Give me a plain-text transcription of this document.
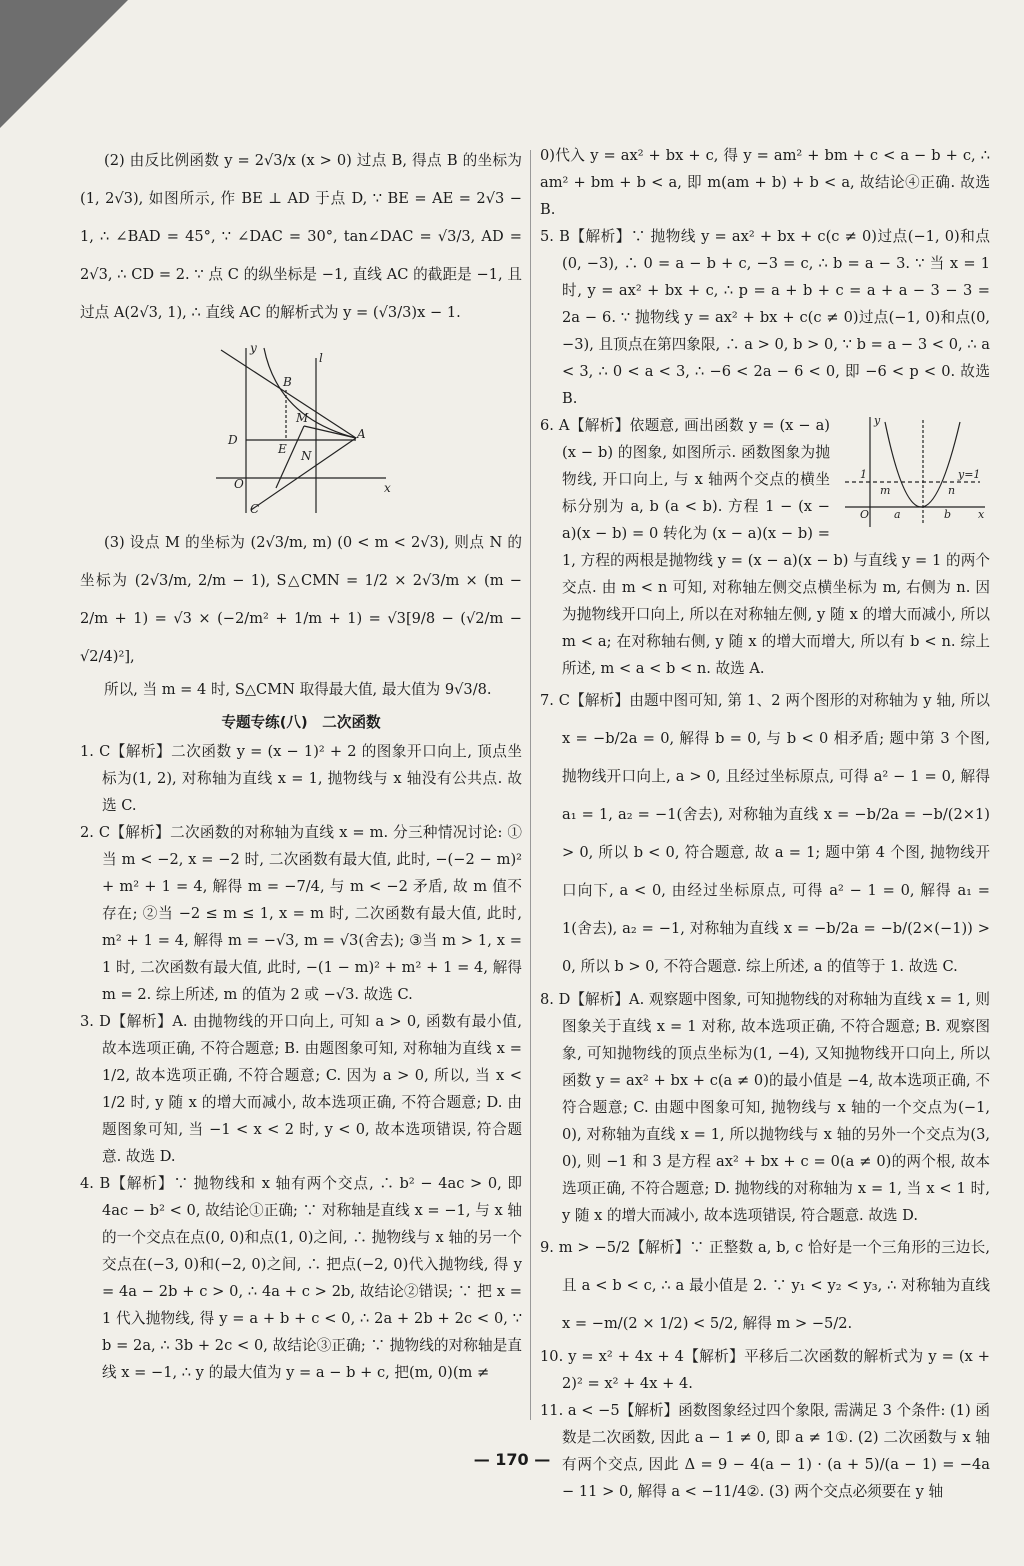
(2) 由反比例函数 y = 2√3/x (x > 0) 过点 B, 得点 B 的坐标为(1, 2√3), 如图所示, 作 BE ⊥ AD 于点 D, ∵ BE = AE = 2√3 − 1, ∴ ∠BAD = 45°, ∵ ∠DAC = 30°, tan∠DAC = √3/3, AD = 2√3, ∴ CD = 2. ∵ 点 C 的纵坐标是 −1, 直线 AC 的截距是 −1, 且过点 A(2√3, 1), ∴ 直线 AC 的解析式为 y = (√3/3)x − 1.

y
l
B
M
A
D
E N
O	x
C

(3) 设点 M 的坐标为 (2√3/m, m) (0 < m < 2√3), 则点 N 的坐标为 (2√3/m, 2/m − 1), S△CMN = 1/2 × 2√3/m × (m − 2/m + 1) = √3 × (−2/m² + 1/m + 1) = √3[9/8 − (√2/m − √2/4)²],

所以, 当 m = 4 时, S△CMN 取得最大值, 最大值为 9√3/8.

专题专练(八)　二次函数

1. C【解析】二次函数 y = (x − 1)² + 2 的图象开口向上, 顶点坐标为(1, 2), 对称轴为直线 x = 1, 抛物线与 x 轴没有公共点. 故选 C.

2. C【解析】二次函数的对称轴为直线 x = m. 分三种情况讨论: ①当 m < −2, x = −2 时, 二次函数有最大值, 此时, −(−2 − m)² + m² + 1 = 4, 解得 m = −7/4, 与 m < −2 矛盾, 故 m 值不存在; ②当 −2 ≤ m ≤ 1, x = m 时, 二次函数有最大值, 此时, m² + 1 = 4, 解得 m = −√3, m = √3(舍去); ③当 m > 1, x = 1 时, 二次函数有最大值, 此时, −(1 − m)² + m² + 1 = 4, 解得 m = 2. 综上所述, m 的值为 2 或 −√3. 故选 C.

3. D【解析】A. 由抛物线的开口向上, 可知 a > 0, 函数有最小值, 故本选项正确, 不符合题意; B. 由题图象可知, 对称轴为直线 x = 1/2, 故本选项正确, 不符合题意; C. 因为 a > 0, 所以, 当 x < 1/2 时, y 随 x 的增大而减小, 故本选项正确, 不符合题意; D. 由题图象可知, 当 −1 < x < 2 时, y < 0, 故本选项错误, 符合题意. 故选 D.

4. B【解析】∵ 抛物线和 x 轴有两个交点, ∴ b² − 4ac > 0, 即 4ac − b² < 0, 故结论①正确; ∵ 对称轴是直线 x = −1, 与 x 轴的一个交点在点(0, 0)和点(1, 0)之间, ∴ 抛物线与 x 轴的另一个交点在(−3, 0)和(−2, 0)之间, ∴ 把点(−2, 0)代入抛物线, 得 y = 4a − 2b + c > 0, ∴ 4a + c > 2b, 故结论②错误; ∵ 把 x = 1 代入抛物线, 得 y = a + b + c < 0, ∴ 2a + 2b + 2c < 0, ∵ b = 2a, ∴ 3b + 2c < 0, 故结论③正确; ∵ 抛物线的对称轴是直线 x = −1, ∴ y 的最大值为 y = a − b + c, 把(m, 0)(m ≠

0)代入 y = ax² + bx + c, 得 y = am² + bm + c < a − b + c, ∴ am² + bm + b < a, 即 m(am + b) + b < a, 故结论④正确. 故选 B.

5. B【解析】∵ 抛物线 y = ax² + bx + c(c ≠ 0)过点(−1, 0)和点(0, −3), ∴ 0 = a − b + c, −3 = c, ∴ b = a − 3. ∵ 当 x = 1 时, y = ax² + bx + c, ∴ p = a + b + c = a + a − 3 − 3 = 2a − 6. ∵ 抛物线 y = ax² + bx + c(c ≠ 0)过点(−1, 0)和点(0, −3), 且顶点在第四象限, ∴ a > 0, b > 0, ∵ b = a − 3 < 0, ∴ a < 3, ∴ 0 < a < 3, ∴ −6 < 2a − 6 < 0, 即 −6 < p < 0. 故选 B.

y
1
m	n
y=1
O a	b x

6. A【解析】依题意, 画出函数 y = (x − a)(x − b) 的图象, 如图所示. 函数图象为抛物线, 开口向上, 与 x 轴两个交点的横坐标分别为 a, b (a < b). 方程 1 − (x − a)(x − b) = 0 转化为 (x − a)(x − b) = 1, 方程的两根是抛物线 y = (x − a)(x − b) 与直线 y = 1 的两个交点. 由 m < n 可知, 对称轴左侧交点横坐标为 m, 右侧为 n. 因为抛物线开口向上, 所以在对称轴左侧, y 随 x 的增大而减小, 所以 m < a; 在对称轴右侧, y 随 x 的增大而增大, 所以有 b < n. 综上所述, m < a < b < n. 故选 A.

7. C【解析】由题中图可知, 第 1、2 两个图形的对称轴为 y 轴, 所以 x = −b/2a = 0, 解得 b = 0, 与 b < 0 相矛盾; 题中第 3 个图, 抛物线开口向上, a > 0, 且经过坐标原点, 可得 a² − 1 = 0, 解得 a₁ = 1, a₂ = −1(舍去), 对称轴为直线 x = −b/2a = −b/(2×1) > 0, 所以 b < 0, 符合题意, 故 a = 1; 题中第 4 个图, 抛物线开口向下, a < 0, 由经过坐标原点, 可得 a² − 1 = 0, 解得 a₁ = 1(舍去), a₂ = −1, 对称轴为直线 x = −b/2a = −b/(2×(−1)) > 0, 所以 b > 0, 不符合题意. 综上所述, a 的值等于 1. 故选 C.

8. D【解析】A. 观察题中图象, 可知抛物线的对称轴为直线 x = 1, 则图象关于直线 x = 1 对称, 故本选项正确, 不符合题意; B. 观察图象, 可知抛物线的顶点坐标为(1, −4), 又知抛物线开口向上, 所以函数 y = ax² + bx + c(a ≠ 0)的最小值是 −4, 故本选项正确, 不符合题意; C. 由题中图象可知, 抛物线与 x 轴的一个交点为(−1, 0), 对称轴为直线 x = 1, 所以抛物线与 x 轴的另外一个交点为(3, 0), 则 −1 和 3 是方程 ax² + bx + c = 0(a ≠ 0)的两个根, 故本选项正确, 不符合题意; D. 抛物线的对称轴为 x = 1, 当 x < 1 时, y 随 x 的增大而减小, 故本选项错误, 符合题意. 故选 D.

9. m > −5/2【解析】∵ 正整数 a, b, c 恰好是一个三角形的三边长, 且 a < b < c, ∴ a 最小值是 2. ∵ y₁ < y₂ < y₃, ∴ 对称轴为直线 x = −m/(2 × 1/2) < 5/2, 解得 m > −5/2.

10. y = x² + 4x + 4【解析】平移后二次函数的解析式为 y = (x + 2)² = x² + 4x + 4.

11. a < −5【解析】函数图象经过四个象限, 需满足 3 个条件: (1) 函数是二次函数, 因此 a − 1 ≠ 0, 即 a ≠ 1①. (2) 二次函数与 x 轴有两个交点, 因此 Δ = 9 − 4(a − 1) · (a + 5)/(a − 1) = −4a − 11 > 0, 解得 a < −11/4②. (3) 两个交点必须要在 y 轴

— 170 —
